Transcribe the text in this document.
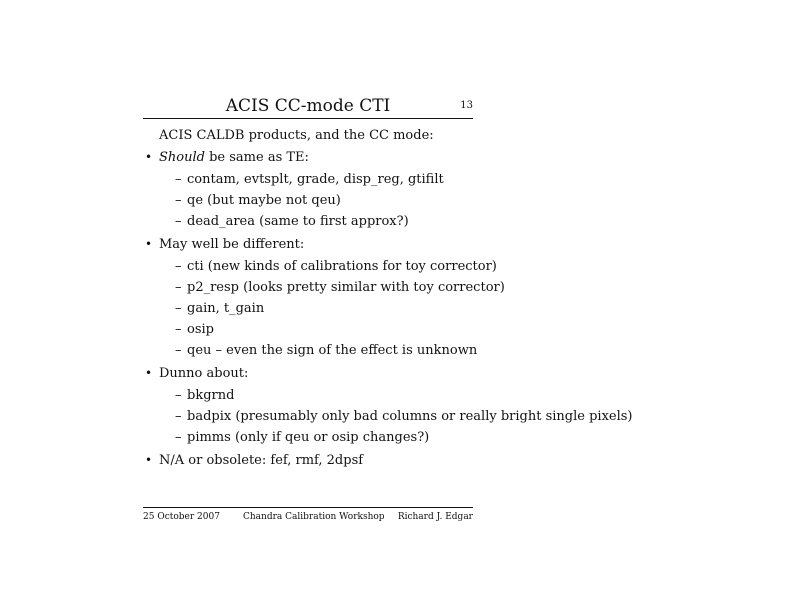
ACIS CC-mode CTI	13
ACIS CALDB products, and the CC mode:
• Should be same as TE:
– contam, evtsplt, grade, disp_reg, gtifilt
– qe (but maybe not qeu)
– dead_area (same to first approx?)
• May well be different:
– cti (new kinds of calibrations for toy corrector)
– p2_resp (looks pretty similar with toy corrector)
– gain, t_gain
– osip
– qeu – even the sign of the effect is unknown
• Dunno about:
– bkgrnd
– badpix (presumably only bad columns or really bright single pixels)
– pimms (only if qeu or osip changes?)
• N/A or obsolete: fef, rmf, 2dpsf
25 October 2007	Chandra Calibration Workshop Richard J. Edgar
